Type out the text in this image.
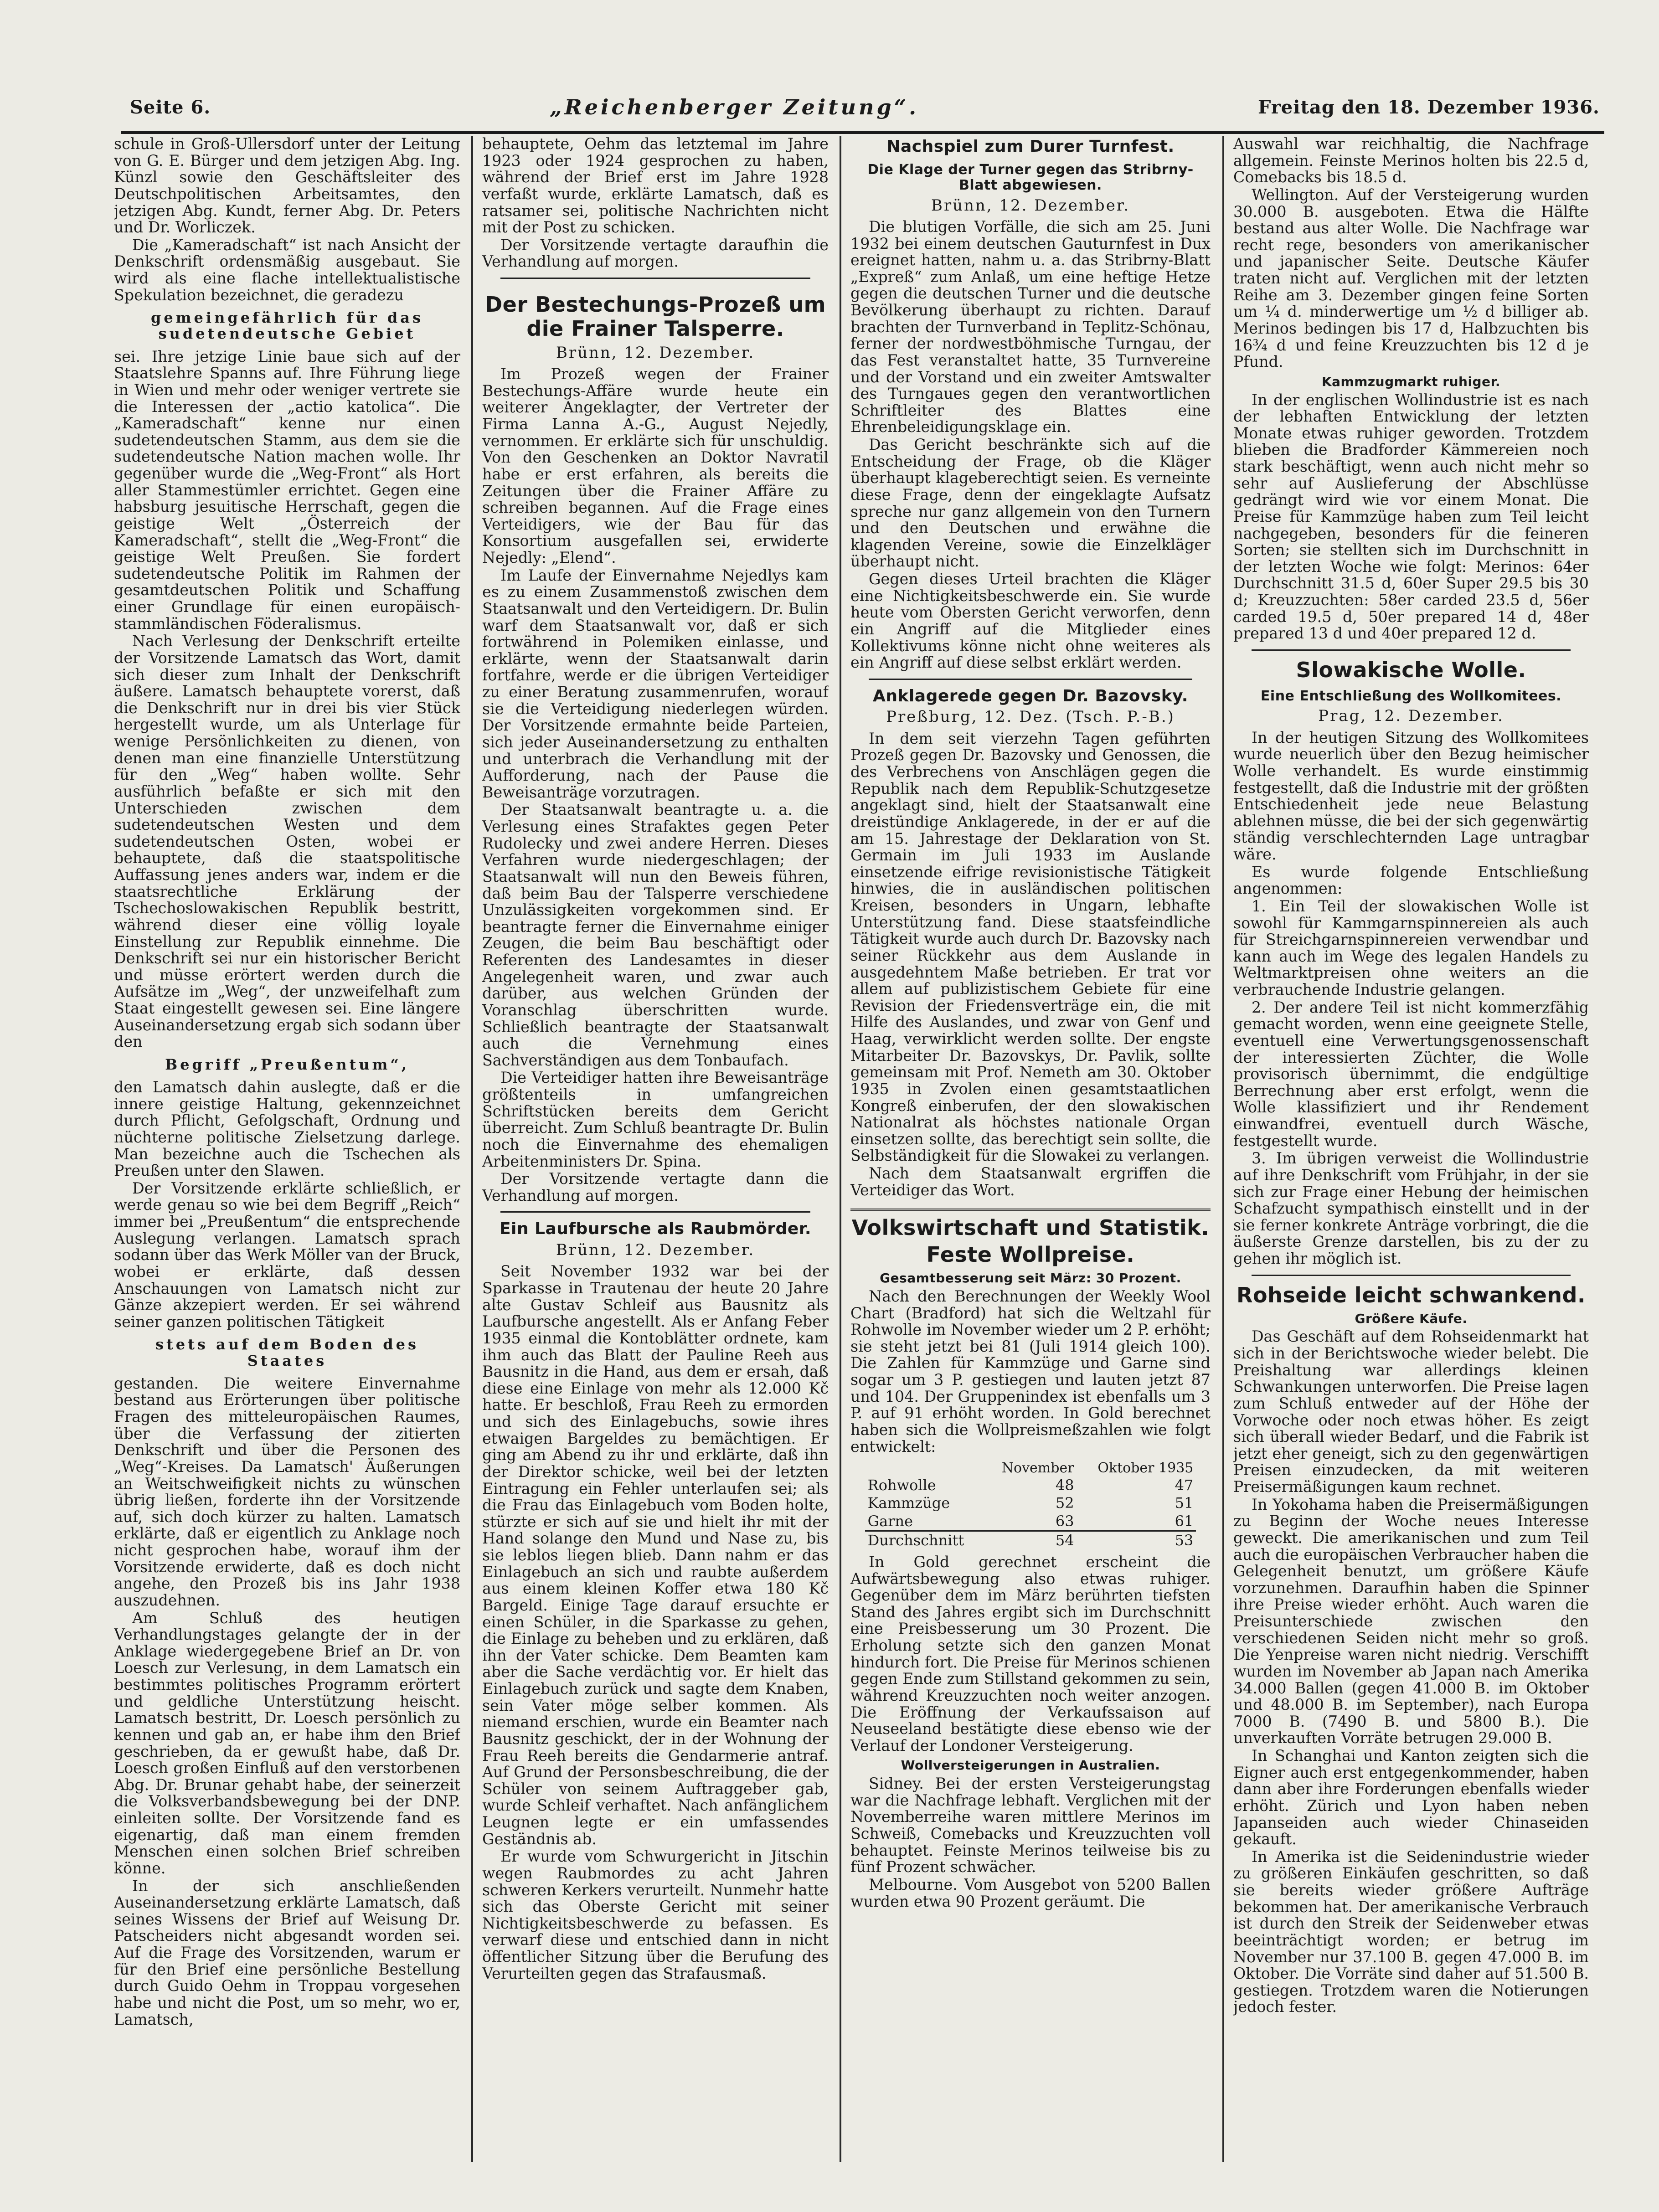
Seite 6.	„Reichenberger Zeitung“.	Freitag den 18. Dezember 1936.

schule in Groß-Ullersdorf unter der Leitung von G. E. Bürger und dem jetzigen Abg. Ing. Künzl sowie den Geschäftsleiter des Deutschpolitischen Arbeitsamtes, den jetzigen Abg. Kundt, ferner Abg. Dr. Peters und Dr. Worliczek.

Die „Kameradschaft“ ist nach Ansicht der Denkschrift ordensmäßig ausgebaut. Sie wird als eine flache intellektualistische Spekulation bezeichnet, die geradezu

gemeingefährlich für das sudetendeutsche Gebiet

sei. Ihre jetzige Linie baue sich auf der Staatslehre Spanns auf. Ihre Führung liege in Wien und mehr oder weniger vertrete sie die Interessen der „actio katolica“. Die „Kameradschaft“ kenne nur einen sudetendeutschen Stamm, aus dem sie die sudetendeutsche Nation machen wolle. Ihr gegenüber wurde die „Weg-Front“ als Hort aller Stammestümler errichtet. Gegen eine habsburg jesuitische Herrschaft, gegen die geistige Welt „Österreich der Kameradschaft“, stellt die „Weg-Front“ die geistige Welt Preußen. Sie fordert sudetendeutsche Politik im Rahmen der gesamtdeutschen Politik und Schaffung einer Grundlage für einen europäisch-stammländischen Föderalismus.

Nach Verlesung der Denkschrift erteilte der Vorsitzende Lamatsch das Wort, damit sich dieser zum Inhalt der Denkschrift äußere. Lamatsch behauptete vorerst, daß die Denkschrift nur in drei bis vier Stück hergestellt wurde, um als Unterlage für wenige Persönlichkeiten zu dienen, von denen man eine finanzielle Unterstützung für den „Weg“ haben wollte. Sehr ausführlich befaßte er sich mit den Unterschieden zwischen dem sudetendeutschen Westen und dem sudetendeutschen Osten, wobei er behauptete, daß die staatspolitische Auffassung jenes anders war, indem er die staatsrechtliche Erklärung der Tschechoslowakischen Republik bestritt, während dieser eine völlig loyale Einstellung zur Republik einnehme. Die Denkschrift sei nur ein historischer Bericht und müsse erörtert werden durch die Aufsätze im „Weg“, der unzweifelhaft zum Staat eingestellt gewesen sei. Eine längere Auseinandersetzung ergab sich sodann über den

Begriff „Preußentum“,

den Lamatsch dahin auslegte, daß er die innere geistige Haltung, gekennzeichnet durch Pflicht, Gefolgschaft, Ordnung und nüchterne politische Zielsetzung darlege. Man bezeichne auch die Tschechen als Preußen unter den Slawen.

Der Vorsitzende erklärte schließlich, er werde genau so wie bei dem Begriff „Reich“ immer bei „Preußentum“ die entsprechende Auslegung verlangen. Lamatsch sprach sodann über das Werk Möller van der Bruck, wobei er erklärte, daß dessen Anschauungen von Lamatsch nicht zur Gänze akzepiert werden. Er sei während seiner ganzen politischen Tätigkeit

stets auf dem Boden des Staates

gestanden. Die weitere Einvernahme bestand aus Erörterungen über politische Fragen des mitteleuropäischen Raumes, über die Verfassung der zitierten Denkschrift und über die Personen des „Weg“-Kreises. Da Lamatsch' Äußerungen an Weitschweifigkeit nichts zu wünschen übrig ließen, forderte ihn der Vorsitzende auf, sich doch kürzer zu halten. Lamatsch erklärte, daß er eigentlich zu Anklage noch nicht gesprochen habe, worauf ihm der Vorsitzende erwiderte, daß es doch nicht angehe, den Prozeß bis ins Jahr 1938 auszudehnen.

Am Schluß des heutigen Verhandlungstages gelangte der in der Anklage wiedergegebene Brief an Dr. von Loesch zur Verlesung, in dem Lamatsch ein bestimmtes politisches Programm erörtert und geldliche Unterstützung heischt. Lamatsch bestritt, Dr. Loesch persönlich zu kennen und gab an, er habe ihm den Brief geschrieben, da er gewußt habe, daß Dr. Loesch großen Einfluß auf den verstorbenen Abg. Dr. Brunar gehabt habe, der seinerzeit die Volksverbandsbewegung bei der DNP. einleiten sollte. Der Vorsitzende fand es eigenartig, daß man einem fremden Menschen einen solchen Brief schreiben könne.

In der sich anschließenden Auseinandersetzung erklärte Lamatsch, daß seines Wissens der Brief auf Weisung Dr. Patscheiders nicht abgesandt worden sei. Auf die Frage des Vorsitzenden, warum er für den Brief eine persönliche Bestellung durch Guido Oehm in Troppau vorgesehen habe und nicht die Post, um so mehr, wo er, Lamatsch,

behauptete, Oehm das letztemal im Jahre 1923 oder 1924 gesprochen zu haben, während der Brief erst im Jahre 1928 verfaßt wurde, erklärte Lamatsch, daß es ratsamer sei, politische Nachrichten nicht mit der Post zu schicken.

Der Vorsitzende vertagte daraufhin die Verhandlung auf morgen.

Der Bestechungs-Prozeß um die Frainer Talsperre.
Brünn, 12. Dezember.

Im Prozeß wegen der Frainer Bestechungs-Affäre wurde heute ein weiterer Angeklagter, der Vertreter der Firma Lanna A.-G., August Nejedly, vernommen. Er erklärte sich für unschuldig. Von den Geschenken an Doktor Navratil habe er erst erfahren, als bereits die Zeitungen über die Frainer Affäre zu schreiben begannen. Auf die Frage eines Verteidigers, wie der Bau für das Konsortium ausgefallen sei, erwiderte Nejedly: „Elend“.

Im Laufe der Einvernahme Nejedlys kam es zu einem Zusammenstoß zwischen dem Staatsanwalt und den Verteidigern. Dr. Bulin warf dem Staatsanwalt vor, daß er sich fortwährend in Polemiken einlasse, und erklärte, wenn der Staatsanwalt darin fortfahre, werde er die übrigen Verteidiger zu einer Beratung zusammenrufen, worauf sie die Verteidigung niederlegen würden. Der Vorsitzende ermahnte beide Parteien, sich jeder Auseinandersetzung zu enthalten und unterbrach die Verhandlung mit der Aufforderung, nach der Pause die Beweisanträge vorzutragen.

Der Staatsanwalt beantragte u. a. die Verlesung eines Strafaktes gegen Peter Rudolecky und zwei andere Herren. Dieses Verfahren wurde niedergeschlagen; der Staatsanwalt will nun den Beweis führen, daß beim Bau der Talsperre verschiedene Unzulässigkeiten vorgekommen sind. Er beantragte ferner die Einvernahme einiger Zeugen, die beim Bau beschäftigt oder Referenten des Landesamtes in dieser Angelegenheit waren, und zwar auch darüber, aus welchen Gründen der Voranschlag überschritten wurde. Schließlich beantragte der Staatsanwalt auch die Vernehmung eines Sachverständigen aus dem Tonbaufach.

Die Verteidiger hatten ihre Beweisanträge größtenteils in umfangreichen Schriftstücken bereits dem Gericht überreicht. Zum Schluß beantragte Dr. Bulin noch die Einvernahme des ehemaligen Arbeitenministers Dr. Spina.

Der Vorsitzende vertagte dann die Verhandlung auf morgen.

Ein Laufbursche als Raubmörder.
Brünn, 12. Dezember.

Seit November 1932 war bei der Sparkasse in Trautenau der heute 20 Jahre alte Gustav Schleif aus Bausnitz als Laufbursche angestellt. Als er Anfang Feber 1935 einmal die Kontoblätter ordnete, kam ihm auch das Blatt der Pauline Reeh aus Bausnitz in die Hand, aus dem er ersah, daß diese eine Einlage von mehr als 12.000 Kč hatte. Er beschloß, Frau Reeh zu ermorden und sich des Einlagebuchs, sowie ihres etwaigen Bargeldes zu bemächtigen. Er ging am Abend zu ihr und erklärte, daß ihn der Direktor schicke, weil bei der letzten Eintragung ein Fehler unterlaufen sei; als die Frau das Einlagebuch vom Boden holte, stürzte er sich auf sie und hielt ihr mit der Hand solange den Mund und Nase zu, bis sie leblos liegen blieb. Dann nahm er das Einlagebuch an sich und raubte außerdem aus einem kleinen Koffer etwa 180 Kč Bargeld. Einige Tage darauf ersuchte er einen Schüler, in die Sparkasse zu gehen, die Einlage zu beheben und zu erklären, daß ihn der Vater schicke. Dem Beamten kam aber die Sache verdächtig vor. Er hielt das Einlagebuch zurück und sagte dem Knaben, sein Vater möge selber kommen. Als niemand erschien, wurde ein Beamter nach Bausnitz geschickt, der in der Wohnung der Frau Reeh bereits die Gendarmerie antraf. Auf Grund der Personsbeschreibung, die der Schüler von seinem Auftraggeber gab, wurde Schleif verhaftet. Nach anfänglichem Leugnen legte er ein umfassendes Geständnis ab.

Er wurde vom Schwurgericht in Jitschin wegen Raubmordes zu acht Jahren schweren Kerkers verurteilt. Nunmehr hatte sich das Oberste Gericht mit seiner Nichtigkeitsbeschwerde zu befassen. Es verwarf diese und entschied dann in nicht öffentlicher Sitzung über die Berufung des Verurteilten gegen das Strafausmaß.

Nachspiel zum Durer Turnfest.
Die Klage der Turner gegen das Stribrny-Blatt abgewiesen.
Brünn, 12. Dezember.

Die blutigen Vorfälle, die sich am 25. Juni 1932 bei einem deutschen Gauturnfest in Dux ereignet hatten, nahm u. a. das Stribrny-Blatt „Expreß“ zum Anlaß, um eine heftige Hetze gegen die deutschen Turner und die deutsche Bevölkerung überhaupt zu richten. Darauf brachten der Turnverband in Teplitz-Schönau, ferner der nordwestböhmische Turngau, der das Fest veranstaltet hatte, 35 Turnvereine und der Vorstand und ein zweiter Amtswalter des Turngaues gegen den verantwortlichen Schriftleiter des Blattes eine Ehrenbeleidigungsklage ein.

Das Gericht beschränkte sich auf die Entscheidung der Frage, ob die Kläger überhaupt klageberechtigt seien. Es verneinte diese Frage, denn der eingeklagte Aufsatz spreche nur ganz allgemein von den Turnern und den Deutschen und erwähne die klagenden Vereine, sowie die Einzelkläger überhaupt nicht.

Gegen dieses Urteil brachten die Kläger eine Nichtigkeitsbeschwerde ein. Sie wurde heute vom Obersten Gericht verworfen, denn ein Angriff auf die Mitglieder eines Kollektivums könne nicht ohne weiteres als ein Angriff auf diese selbst erklärt werden.

Anklagerede gegen Dr. Bazovsky.
Preßburg, 12. Dez. (Tsch. P.-B.)

In dem seit vierzehn Tagen geführten Prozeß gegen Dr. Bazovsky und Genossen, die des Verbrechens von Anschlägen gegen die Republik nach dem Republik-Schutzgesetze angeklagt sind, hielt der Staatsanwalt eine dreistündige Anklagerede, in der er auf die am 15. Jahrestage der Deklaration von St. Germain im Juli 1933 im Auslande einsetzende eifrige revisionistische Tätigkeit hinwies, die in ausländischen politischen Kreisen, besonders in Ungarn, lebhafte Unterstützung fand. Diese staatsfeindliche Tätigkeit wurde auch durch Dr. Bazovsky nach seiner Rückkehr aus dem Auslande in ausgedehntem Maße betrieben. Er trat vor allem auf publizistischem Gebiete für eine Revision der Friedensverträge ein, die mit Hilfe des Auslandes, und zwar von Genf und Haag, verwirklicht werden sollte. Der engste Mitarbeiter Dr. Bazovskys, Dr. Pavlik, sollte gemeinsam mit Prof. Nemeth am 30. Oktober 1935 in Zvolen einen gesamtstaatlichen Kongreß einberufen, der den slowakischen Nationalrat als höchstes nationale Organ einsetzen sollte, das berechtigt sein sollte, die Selbständigkeit für die Slowakei zu verlangen.

Nach dem Staatsanwalt ergriffen die Verteidiger das Wort.

Volkswirtschaft und Statistik.
Feste Wollpreise.
Gesamtbesserung seit März: 30 Prozent.

Nach den Berechnungen der Weekly Wool Chart (Bradford) hat sich die Weltzahl für Rohwolle im November wieder um 2 P. erhöht; sie steht jetzt bei 81 (Juli 1914 gleich 100). Die Zahlen für Kammzüge und Garne sind sogar um 3 P. gestiegen und lauten jetzt 87 und 104. Der Gruppenindex ist ebenfalls um 3 P. auf 91 erhöht worden. In Gold berechnet haben sich die Wollpreismeßzahlen wie folgt entwickelt:

	November	Oktober 1935
Rohwolle	48	47
Kammzüge	52	51
Garne	63	61
Durchschnitt	54	53

In Gold gerechnet erscheint die Aufwärtsbewegung also etwas ruhiger. Gegenüber dem im März berührten tiefsten Stand des Jahres ergibt sich im Durchschnitt eine Preisbesserung um 30 Prozent. Die Erholung setzte sich den ganzen Monat hindurch fort. Die Preise für Merinos schienen gegen Ende zum Stillstand gekommen zu sein, während Kreuzzuchten noch weiter anzogen. Die Eröffnung der Verkaufssaison auf Neuseeland bestätigte diese ebenso wie der Verlauf der Londoner Versteigerung.

Wollversteigerungen in Australien.

Sidney. Bei der ersten Versteigerungstag war die Nachfrage lebhaft. Verglichen mit der Novemberreihe waren mittlere Merinos im Schweiß, Comebacks und Kreuzzuchten voll behauptet. Feinste Merinos teilweise bis zu fünf Prozent schwächer.

Melbourne. Vom Ausgebot von 5200 Ballen wurden etwa 90 Prozent geräumt. Die

Auswahl war reichhaltig, die Nachfrage allgemein. Feinste Merinos holten bis 22.5 d, Comebacks bis 18.5 d.

Wellington. Auf der Versteigerung wurden 30.000 B. ausgeboten. Etwa die Hälfte bestand aus alter Wolle. Die Nachfrage war recht rege, besonders von amerikanischer und japanischer Seite. Deutsche Käufer traten nicht auf. Verglichen mit der letzten Reihe am 3. Dezember gingen feine Sorten um ¼ d. minderwertige um ½ d billiger ab. Merinos bedingen bis 17 d, Halbzuchten bis 16¾ d und feine Kreuzzuchten bis 12 d je Pfund.

Kammzugmarkt ruhiger.

In der englischen Wollindustrie ist es nach der lebhaften Entwicklung der letzten Monate etwas ruhiger geworden. Trotzdem blieben die Bradforder Kämmereien noch stark beschäftigt, wenn auch nicht mehr so sehr auf Auslieferung der Abschlüsse gedrängt wird wie vor einem Monat. Die Preise für Kammzüge haben zum Teil leicht nachgegeben, besonders für die feineren Sorten; sie stellten sich im Durchschnitt in der letzten Woche wie folgt: Merinos: 64er Durchschnitt 31.5 d, 60er Super 29.5 bis 30 d; Kreuzzuchten: 58er carded 23.5 d, 56er carded 19.5 d, 50er prepared 14 d, 48er prepared 13 d und 40er prepared 12 d.

Slowakische Wolle.
Eine Entschließung des Wollkomitees.
Prag, 12. Dezember.

In der heutigen Sitzung des Wollkomitees wurde neuerlich über den Bezug heimischer Wolle verhandelt. Es wurde einstimmig festgestellt, daß die Industrie mit der größten Entschiedenheit jede neue Belastung ablehnen müsse, die bei der sich gegenwärtig ständig verschlechternden Lage untragbar wäre.

Es wurde folgende Entschließung angenommen:

1. Ein Teil der slowakischen Wolle ist sowohl für Kammgarnspinnereien als auch für Streichgarnspinnereien verwendbar und kann auch im Wege des legalen Handels zu Weltmarktpreisen ohne weiters an die verbrauchende Industrie gelangen.

2. Der andere Teil ist nicht kommerzfähig gemacht worden, wenn eine geeignete Stelle, eventuell eine Verwertungsgenossenschaft der interessierten Züchter, die Wolle provisorisch übernimmt, die endgültige Berrechnung aber erst erfolgt, wenn die Wolle klassifiziert und ihr Rendement einwandfrei, eventuell durch Wäsche, festgestellt wurde.

3. Im übrigen verweist die Wollindustrie auf ihre Denkschrift vom Frühjahr, in der sie sich zur Frage einer Hebung der heimischen Schafzucht sympathisch einstellt und in der sie ferner konkrete Anträge vorbringt, die die äußerste Grenze darstellen, bis zu der zu gehen ihr möglich ist.

Rohseide leicht schwankend.
Größere Käufe.

Das Geschäft auf dem Rohseidenmarkt hat sich in der Berichtswoche wieder belebt. Die Preishaltung war allerdings kleinen Schwankungen unterworfen. Die Preise lagen zum Schluß entweder auf der Höhe der Vorwoche oder noch etwas höher. Es zeigt sich überall wieder Bedarf, und die Fabrik ist jetzt eher geneigt, sich zu den gegenwärtigen Preisen einzudecken, da mit weiteren Preisermäßigungen kaum rechnet.

In Yokohama haben die Preisermäßigungen zu Beginn der Woche neues Interesse geweckt. Die amerikanischen und zum Teil auch die europäischen Verbraucher haben die Gelegenheit benutzt, um größere Käufe vorzunehmen. Daraufhin haben die Spinner ihre Preise wieder erhöht. Auch waren die Preisunterschiede zwischen den verschiedenen Seiden nicht mehr so groß. Die Yenpreise waren nicht niedrig. Verschifft wurden im November ab Japan nach Amerika 34.000 Ballen (gegen 41.000 B. im Oktober und 48.000 B. im September), nach Europa 7000 B. (7490 B. und 5800 B.). Die unverkauften Vorräte betrugen 29.000 B.

In Schanghai und Kanton zeigten sich die Eigner auch erst entgegenkommender, haben dann aber ihre Forderungen ebenfalls wieder erhöht. Zürich und Lyon haben neben Japanseiden auch wieder Chinaseiden gekauft.

In Amerika ist die Seidenindustrie wieder zu größeren Einkäufen geschritten, so daß sie bereits wieder größere Aufträge bekommen hat. Der amerikanische Verbrauch ist durch den Streik der Seidenweber etwas beeinträchtigt worden; er betrug im November nur 37.100 B. gegen 47.000 B. im Oktober. Die Vorräte sind daher auf 51.500 B. gestiegen. Trotzdem waren die Notierungen jedoch fester.
